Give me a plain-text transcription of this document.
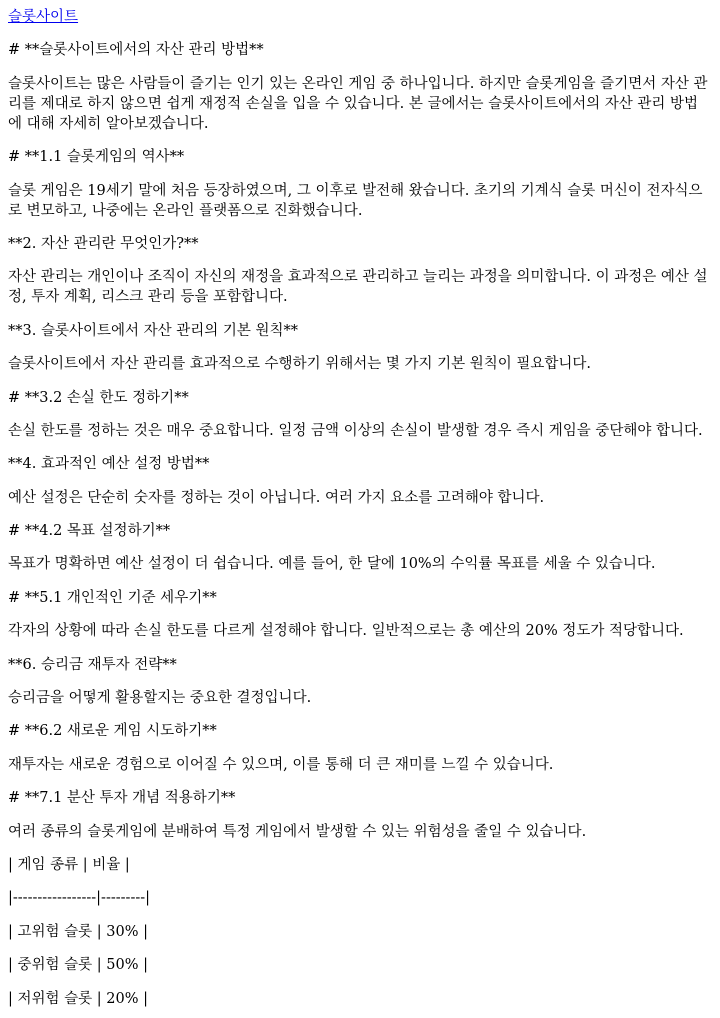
슬롯사이트

# **슬롯사이트에서의 자산 관리 방법**

슬롯사이트는 많은 사람들이 즐기는 인기 있는 온라인 게임 중 하나입니다. 하지만 슬롯게임을 즐기면서 자산 관리를 제대로 하지 않으면 쉽게 재정적 손실을 입을 수 있습니다. 본 글에서는 슬롯사이트에서의 자산 관리 방법에 대해 자세히 알아보겠습니다.

# **1.1 슬롯게임의 역사**

슬롯 게임은 19세기 말에 처음 등장하였으며, 그 이후로 발전해 왔습니다. 초기의 기계식 슬롯 머신이 전자식으로 변모하고, 나중에는 온라인 플랫폼으로 진화했습니다.

**2. 자산 관리란 무엇인가?**

자산 관리는 개인이나 조직이 자신의 재정을 효과적으로 관리하고 늘리는 과정을 의미합니다. 이 과정은 예산 설정, 투자 계획, 리스크 관리 등을 포함합니다.

**3. 슬롯사이트에서 자산 관리의 기본 원칙**

슬롯사이트에서 자산 관리를 효과적으로 수행하기 위해서는 몇 가지 기본 원칙이 필요합니다.

# **3.2 손실 한도 정하기**

손실 한도를 정하는 것은 매우 중요합니다. 일정 금액 이상의 손실이 발생할 경우 즉시 게임을 중단해야 합니다.

**4. 효과적인 예산 설정 방법**

예산 설정은 단순히 숫자를 정하는 것이 아닙니다. 여러 가지 요소를 고려해야 합니다.

# **4.2 목표 설정하기**

목표가 명확하면 예산 설정이 더 쉽습니다. 예를 들어, 한 달에 10%의 수익률 목표를 세울 수 있습니다.

# **5.1 개인적인 기준 세우기**

각자의 상황에 따라 손실 한도를 다르게 설정해야 합니다. 일반적으로는 총 예산의 20% 정도가 적당합니다.

**6. 승리금 재투자 전략**

승리금을 어떻게 활용할지는 중요한 결정입니다.

# **6.2 새로운 게임 시도하기**

재투자는 새로운 경험으로 이어질 수 있으며, 이를 통해 더 큰 재미를 느낄 수 있습니다.

# **7.1 분산 투자 개념 적용하기**

여러 종류의 슬롯게임에 분배하여 특정 게임에서 발생할 수 있는 위험성을 줄일 수 있습니다.

| 게임 종류 | 비율 |

|-----------------|---------|

| 고위험 슬롯 | 30% |

| 중위험 슬롯 | 50% |

| 저위험 슬롯 | 20% |
